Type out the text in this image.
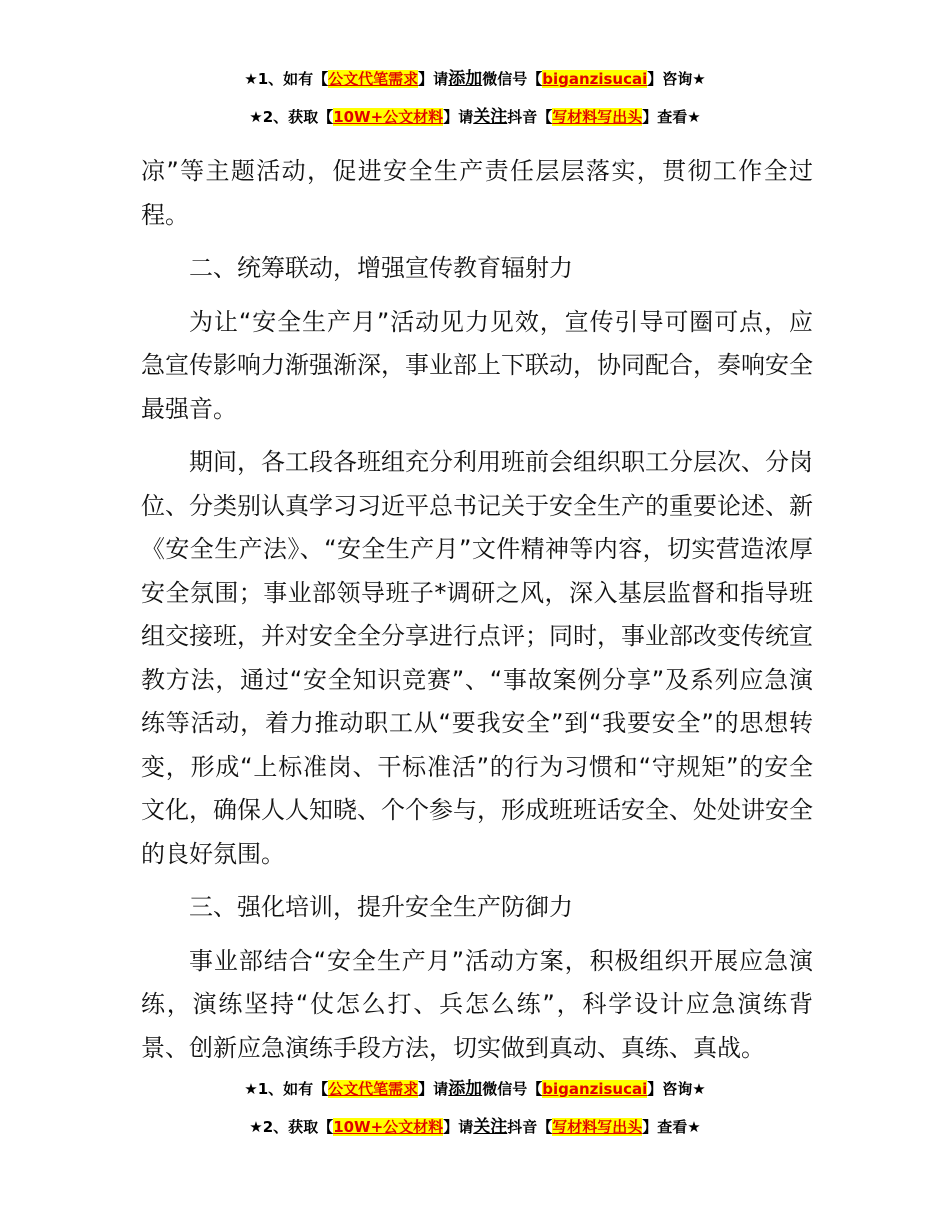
★1、如有【公文代笔需求】请添加微信号【biganzisucai】咨询★
★2、获取【10W+公文材料】请关注抖音【写材料写出头】查看★

凉”等主题活动，促进安全生产责任层层落实，贯彻工作全过程。

二、统筹联动，增强宣传教育辐射力

为让“安全生产月”活动见力见效，宣传引导可圈可点，应急宣传影响力渐强渐深，事业部上下联动，协同配合，奏响安全最强音。

期间，各工段各班组充分利用班前会组织职工分层次、分岗位、分类别认真学习习近平总书记关于安全生产的重要论述、新《安全生产法》、“安全生产月”文件精神等内容，切实营造浓厚安全氛围；事业部领导班子*调研之风，深入基层监督和指导班组交接班，并对安全全分享进行点评；同时，事业部改变传统宣教方法，通过“安全知识竞赛”、“事故案例分享”及系列应急演练等活动，着力推动职工从“要我安全”到“我要安全”的思想转变，形成“上标准岗、干标准活”的行为习惯和“守规矩”的安全文化，确保人人知晓、个个参与，形成班班话安全、处处讲安全的良好氛围。

三、强化培训，提升安全生产防御力

事业部结合“安全生产月”活动方案，积极组织开展应急演练，演练坚持“仗怎么打、兵怎么练”，科学设计应急演练背景、创新应急演练手段方法，切实做到真动、真练、真战。

★1、如有【公文代笔需求】请添加微信号【biganzisucai】咨询★
★2、获取【10W+公文材料】请关注抖音【写材料写出头】查看★
